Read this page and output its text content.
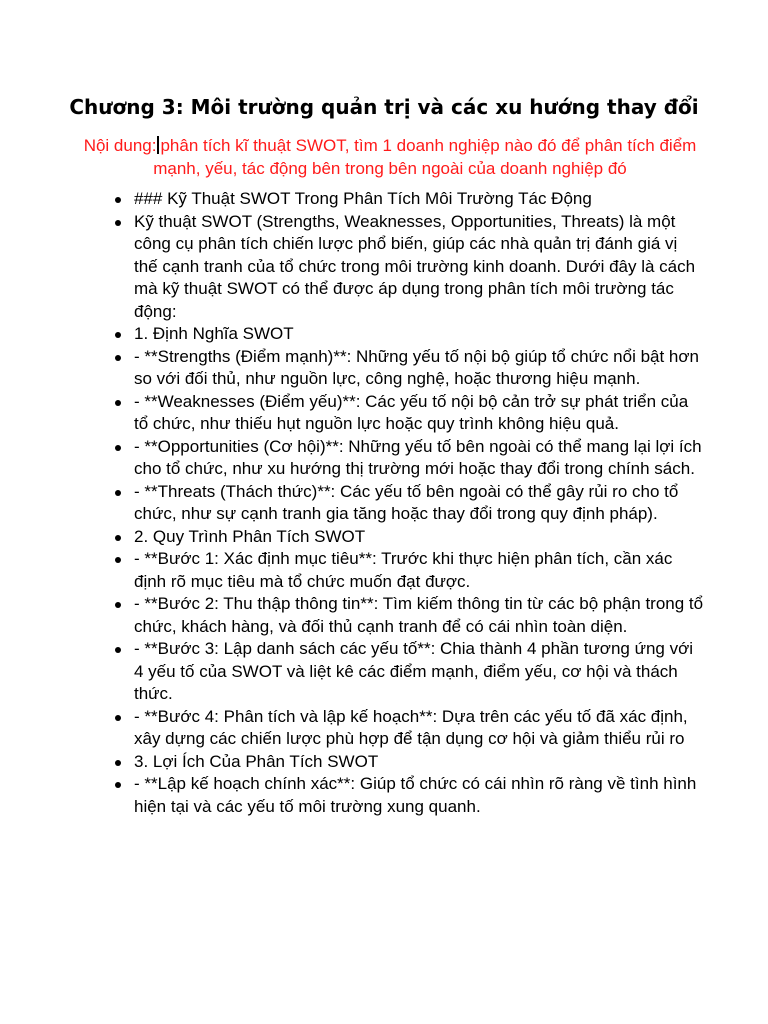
Chương 3: Môi trường quản trị và các xu hướng thay đổi

Nội dung: phân tích kĩ thuật SWOT, tìm 1 doanh nghiệp nào đó để phân tích điểm mạnh, yếu, tác động bên trong bên ngoài của doanh nghiệp đó

### Kỹ Thuật SWOT Trong Phân Tích Môi Trường Tác Động
Kỹ thuật SWOT (Strengths, Weaknesses, Opportunities, Threats) là một công cụ phân tích chiến lược phổ biến, giúp các nhà quản trị đánh giá vị thế cạnh tranh của tổ chức trong môi trường kinh doanh. Dưới đây là cách mà kỹ thuật SWOT có thể được áp dụng trong phân tích môi trường tác động:
1. Định Nghĩa SWOT
- **Strengths (Điểm mạnh)**: Những yếu tố nội bộ giúp tổ chức nổi bật hơn so với đối thủ, như nguồn lực, công nghệ, hoặc thương hiệu mạnh.
- **Weaknesses (Điểm yếu)**: Các yếu tố nội bộ cản trở sự phát triển của tổ chức, như thiếu hụt nguồn lực hoặc quy trình không hiệu quả.
- **Opportunities (Cơ hội)**: Những yếu tố bên ngoài có thể mang lại lợi ích cho tổ chức, như xu hướng thị trường mới hoặc thay đổi trong chính sách.
- **Threats (Thách thức)**: Các yếu tố bên ngoài có thể gây rủi ro cho tổ chức, như sự cạnh tranh gia tăng hoặc thay đổi trong quy định pháp).
2. Quy Trình Phân Tích SWOT
- **Bước 1: Xác định mục tiêu**: Trước khi thực hiện phân tích, cần xác định rõ mục tiêu mà tổ chức muốn đạt được.
- **Bước 2: Thu thập thông tin**: Tìm kiếm thông tin từ các bộ phận trong tổ chức, khách hàng, và đối thủ cạnh tranh để có cái nhìn toàn diện.
- **Bước 3: Lập danh sách các yếu tố**: Chia thành 4 phần tương ứng với 4 yếu tố của SWOT và liệt kê các điểm mạnh, điểm yếu, cơ hội và thách thức.
- **Bước 4: Phân tích và lập kế hoạch**: Dựa trên các yếu tố đã xác định, xây dựng các chiến lược phù hợp để tận dụng cơ hội và giảm thiểu rủi ro
3. Lợi Ích Của Phân Tích SWOT
- **Lập kế hoạch chính xác**: Giúp tổ chức có cái nhìn rõ ràng về tình hình hiện tại và các yếu tố môi trường xung quanh.
